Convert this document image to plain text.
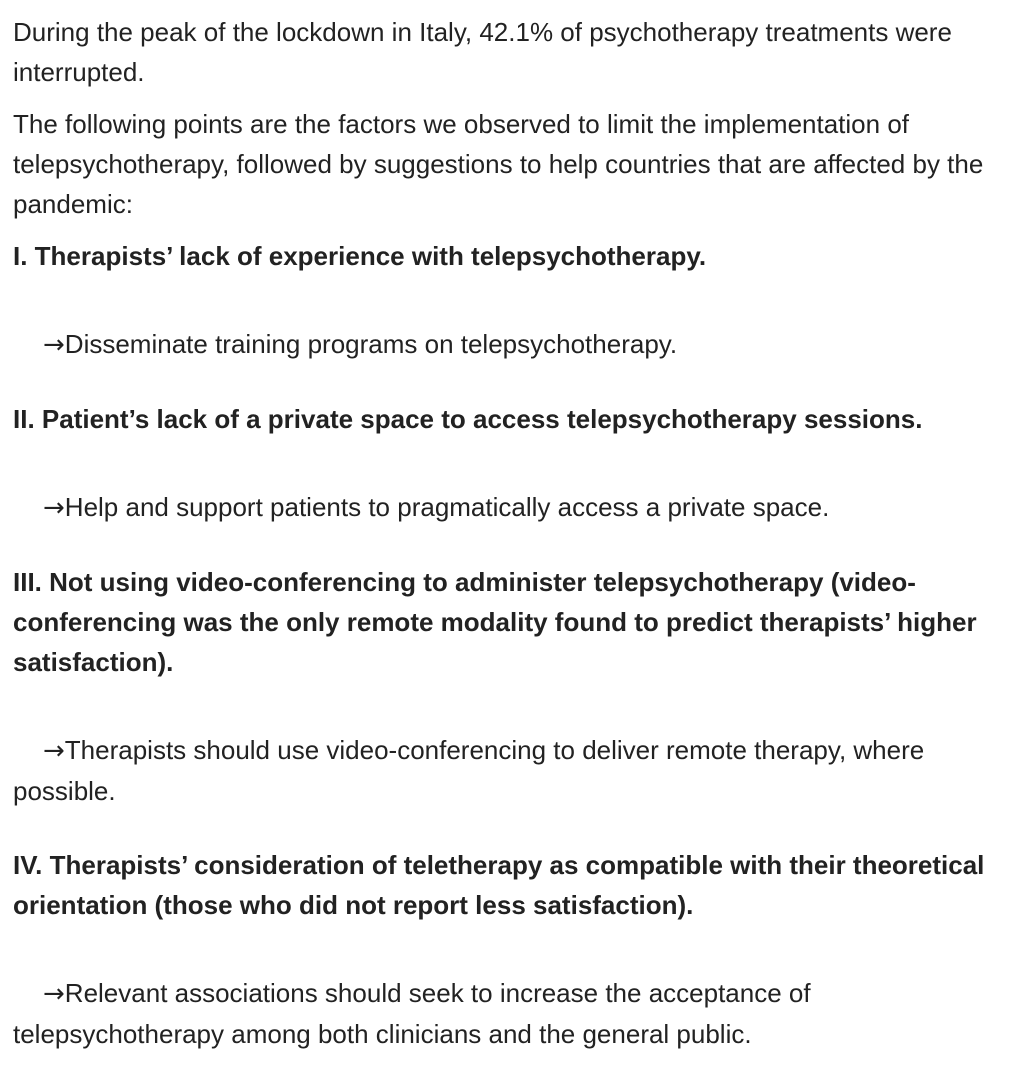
During the peak of the lockdown in Italy, 42.1% of psychotherapy treatments were interrupted.

The following points are the factors we observed to limit the implementation of telepsychotherapy, followed by suggestions to help countries that are affected by the pandemic:

I. Therapists’ lack of experience with telepsychotherapy.

→Disseminate training programs on telepsychotherapy.

II. Patient’s lack of a private space to access telepsychotherapy sessions.

→Help and support patients to pragmatically access a private space.

III. Not using video-conferencing to administer telepsychotherapy (video-conferencing was the only remote modality found to predict therapists’ higher satisfaction).

→Therapists should use video-conferencing to deliver remote therapy, where possible.

IV. Therapists’ consideration of teletherapy as compatible with their theoretical orientation (those who did not report less satisfaction).

→Relevant associations should seek to increase the acceptance of telepsychotherapy among both clinicians and the general public.
